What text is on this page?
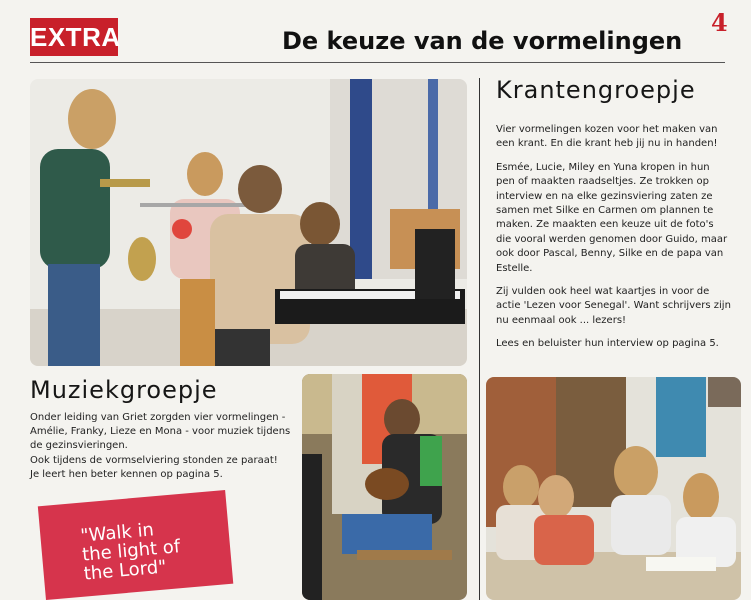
EXTRA	De keuze van de vormelingen
4
Krantengroepje

Vier vormelingen kozen voor het maken van een krant. En die krant heb jij nu in handen!

Esmée, Lucie, Miley en Yuna kropen in hun pen of maakten raadseltjes. Ze trokken op interview en na elke gezinsviering zaten ze samen met Silke en Carmen om plannen te maken. Ze maakten een keuze uit de foto's die vooral werden genomen door Guido, maar ook door Pascal, Benny, Silke en de papa van Estelle.

Zij vulden ook heel wat kaartjes in voor de actie 'Lezen voor Senegal'. Want schrijvers zijn nu eenmaal ook ... lezers!

Lees en beluister hun interview op pagina 5.

Muziekgroepje
Onder leiding van Griet zorgden vier vormelingen - Amélie, Franky, Lieze en Mona - voor muziek tijdens de gezinsvieringen.
Ook tijdens de vormselviering stonden ze paraat!
Je leert hen beter kennen op pagina 5.
"Walk in
the light of
the Lord"
